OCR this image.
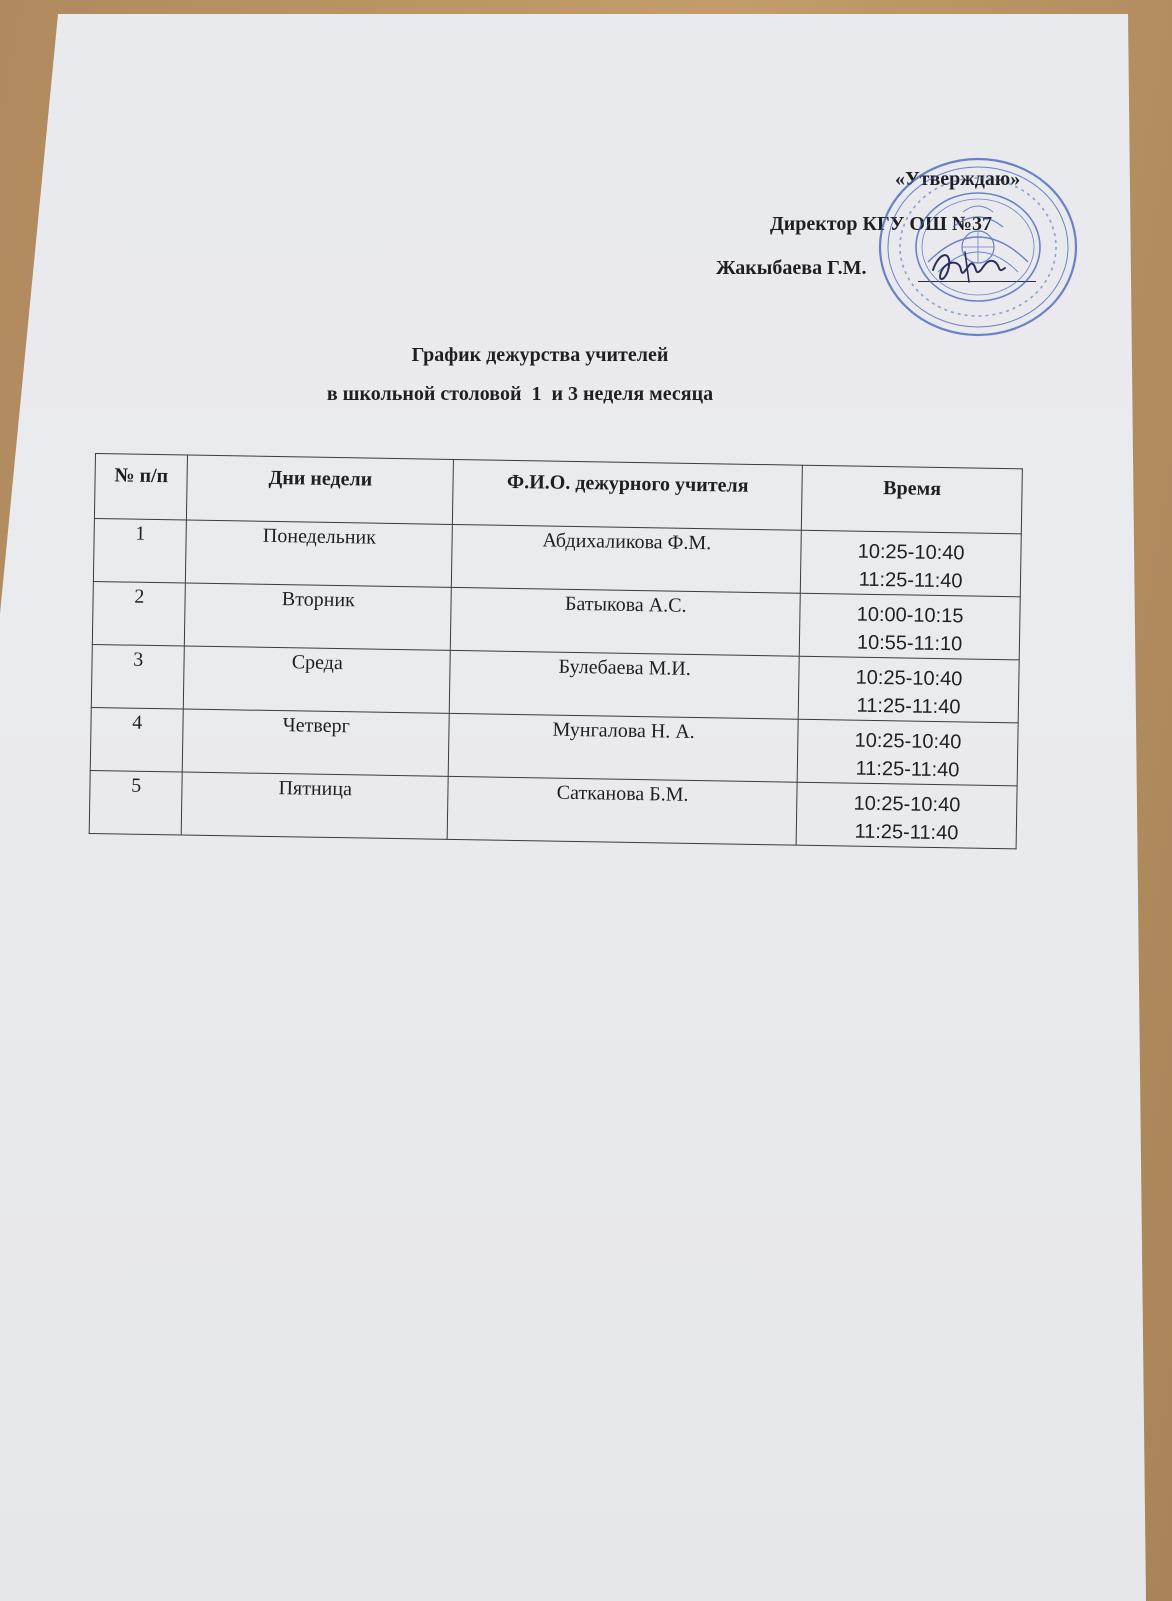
«Утверждаю»
Директор КГУ ОШ №37
Жакыбаева Г.М.
График дежурства учителей
в школьной столовой  1  и 3 неделя месяца
№ п/п	Дни недели	Ф.И.О. дежурного учителя	Время
1	Понедельник	Абдихаликова Ф.М.	10:25-10:40
11:25-11:40

2	Вторник	Батыкова А.С.	10:00-10:15
10:55-11:10

3	Среда	Булебаева М.И.	10:25-10:40
11:25-11:40

4	Четверг	Мунгалова Н. А.	10:25-10:40
11:25-11:40

5	Пятница	Сатканова Б.М.	10:25-10:40
11:25-11:40
